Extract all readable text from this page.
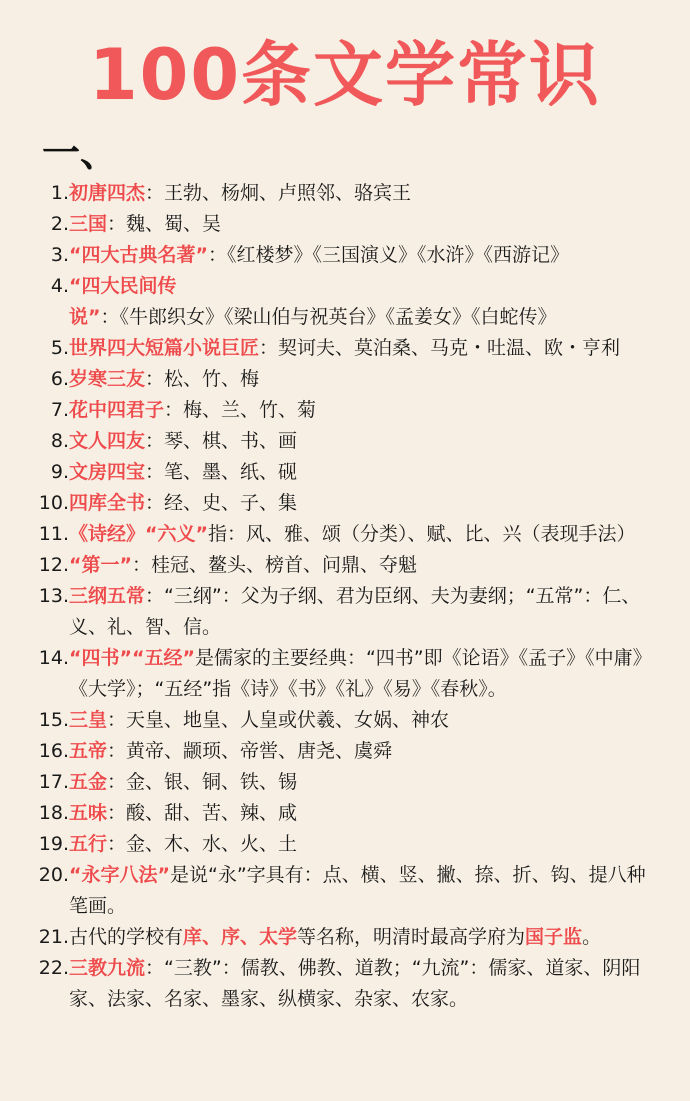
100条文学常识
一、
1. 初唐四杰：王勃、杨炯、卢照邻、骆宾王
2. 三国：魏、蜀、吴
3. “四大古典名著”：《红楼梦》《三国演义》《水浒》《西游记》
4. “四大民间传说”：《牛郎织女》《梁山伯与祝英台》《孟姜女》《白蛇传》
5. 世界四大短篇小说巨匠：契诃夫、莫泊桑、马克・吐温、欧・亨利
6. 岁寒三友：松、竹、梅
7. 花中四君子：梅、兰、竹、菊
8. 文人四友：琴、棋、书、画
9. 文房四宝：笔、墨、纸、砚
10. 四库全书：经、史、子、集
11. 《诗经》“六义”指：风、雅、颂（分类）、赋、比、兴（表现手法）
12. “第一”：桂冠、鳌头、榜首、问鼎、夺魁
13. 三纲五常：“三纲”：父为子纲、君为臣纲、夫为妻纲；“五常”：仁、义、礼、智、信。
14. “四书”“五经”是儒家的主要经典：“四书”即《论语》《孟子》《中庸》《大学》；“五经”指《诗》《书》《礼》《易》《春秋》。
15. 三皇：天皇、地皇、人皇或伏羲、女娲、神农
16. 五帝：黄帝、颛顼、帝喾、唐尧、虞舜
17. 五金：金、银、铜、铁、锡
18. 五味：酸、甜、苦、辣、咸
19. 五行：金、木、水、火、土
20. “永字八法”是说“永”字具有：点、横、竖、撇、捺、折、钩、提八种笔画。
21. 古代的学校有庠、序、太学等名称，明清时最高学府为国子监。
22. 三教九流：“三教”：儒教、佛教、道教；“九流”：儒家、道家、阴阳家、法家、名家、墨家、纵横家、杂家、农家。
